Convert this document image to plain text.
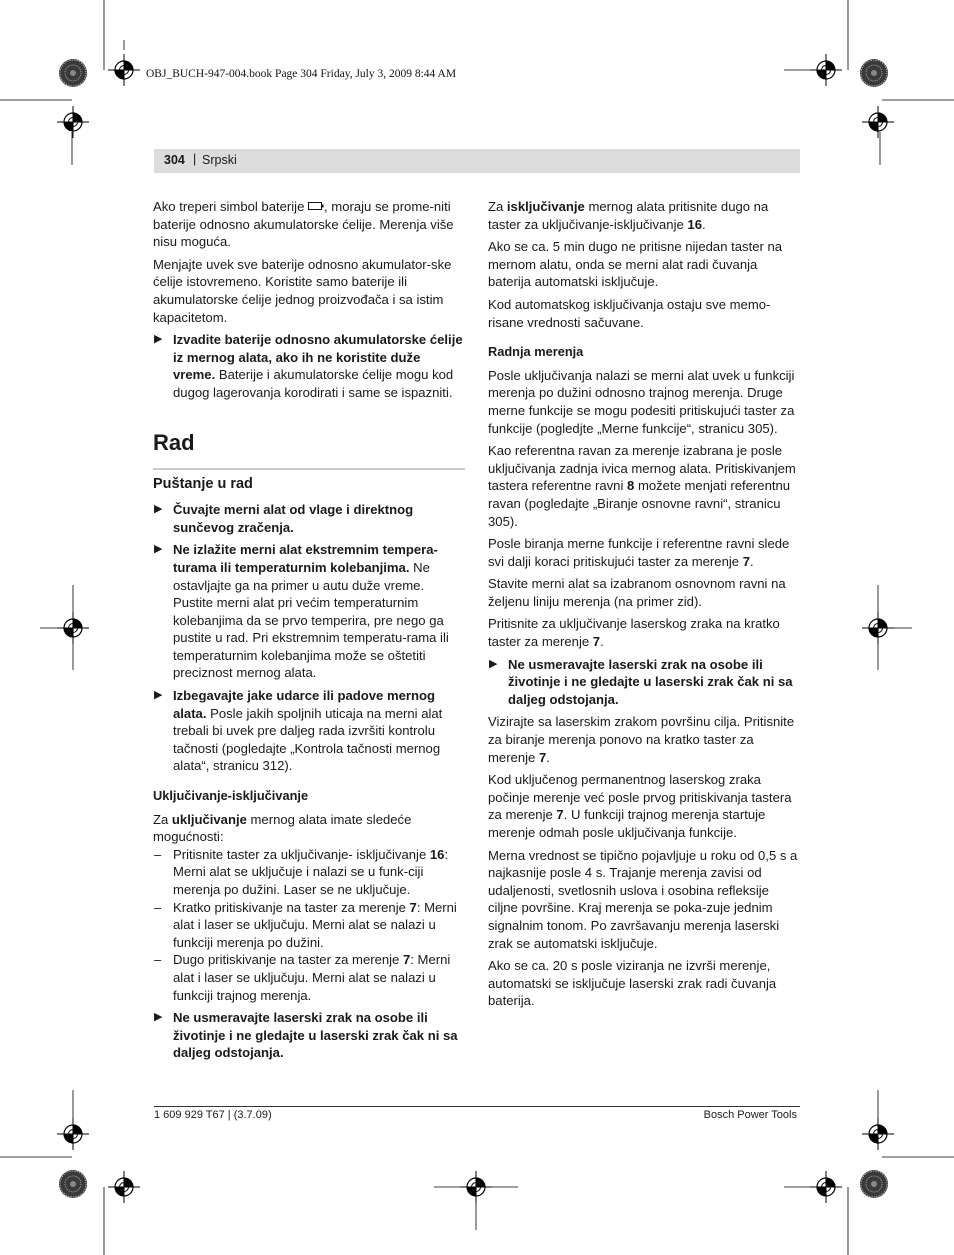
OBJ_BUCH-947-004.book Page 304 Friday, July 3, 2009 8:44 AM
304 | Srpski

Ako treperi simbol baterije , moraju se prome-niti baterije odnosno akumulatorske ćelije. Merenja više nisu moguća.

Menjajte uvek sve baterije odnosno akumulator-ske ćelije istovremeno. Koristite samo baterije ili akumulatorske ćelije jednog proizvođača i sa istim kapacitetom.

▶ Izvadite baterije odnosno akumulatorske ćelije iz mernog alata, ako ih ne koristite duže vreme. Baterije i akumulatorske ćelije mogu kod dugog lagerovanja korodirati i same se ispazniti.
Rad
Puštanje u rad
▶ Čuvajte merni alat od vlage i direktnog sunčevog zračenja.
▶ Ne izlažite merni alat ekstremnim tempera-turama ili temperaturnim kolebanjima. Ne ostavljajte ga na primer u autu duže vreme. Pustite merni alat pri većim temperaturnim kolebanjima da se prvo temperira, pre nego ga pustite u rad. Pri ekstremnim temperatu-rama ili temperaturnim kolebanjima može se oštetiti preciznost mernog alata.
▶ Izbegavajte jake udarce ili padove mernog alata. Posle jakih spoljnih uticaja na merni alat trebali bi uvek pre daljeg rada izvršiti kontrolu tačnosti (pogledajte „Kontrola tačnosti mernog alata“, stranicu 312).
Uključivanje-isključivanje

Za uključivanje mernog alata imate sledeće mogućnosti:

– Pritisnite taster za uključivanje- isključivanje 16: Merni alat se uključuje i nalazi se u funk-ciji merenja po dužini. Laser se ne uključuje.
– Kratko pritiskivanje na taster za merenje 7: Merni alat i laser se uključuju. Merni alat se nalazi u funkciji merenja po dužini.
– Dugo pritiskivanje na taster za merenje 7: Merni alat i laser se uključuju. Merni alat se nalazi u funkciji trajnog merenja.
▶ Ne usmeravajte laserski zrak na osobe ili životinje i ne gledajte u laserski zrak čak ni sa daljeg odstojanja.

Za isključivanje mernog alata pritisnite dugo na taster za uključivanje-isključivanje 16.

Ako se ca. 5 min dugo ne pritisne nijedan taster na mernom alatu, onda se merni alat radi čuvanja baterija automatski isključuje.

Kod automatskog isključivanja ostaju sve memo-risane vrednosti sačuvane.

Radnja merenja

Posle uključivanja nalazi se merni alat uvek u funkciji merenja po dužini odnosno trajnog merenja. Druge merne funkcije se mogu podesiti pritiskujući taster za funkcije (pogledjte „Merne funkcije“, stranicu 305).

Kao referentna ravan za merenje izabrana je posle uključivanja zadnja ivica mernog alata. Pritiskivanjem tastera referentne ravni 8 možete menjati referentnu ravan (pogledajte „Biranje osnovne ravni“, stranicu 305).

Posle biranja merne funkcije i referentne ravni slede svi dalji koraci pritiskujući taster za merenje 7.

Stavite merni alat sa izabranom osnovnom ravni na željenu liniju merenja (na primer zid).

Pritisnite za uključivanje laserskog zraka na kratko taster za merenje 7.

▶ Ne usmeravajte laserski zrak na osobe ili životinje i ne gledajte u laserski zrak čak ni sa daljeg odstojanja.

Vizirajte sa laserskim zrakom površinu cilja. Pritisnite za biranje merenja ponovo na kratko taster za merenje 7.

Kod uključenog permanentnog laserskog zraka počinje merenje već posle prvog pritiskivanja tastera za merenje 7. U funkciji trajnog merenja startuje merenje odmah posle uključivanja funkcije.

Merna vrednost se tipično pojavljuje u roku od 0,5 s a najkasnije posle 4 s. Trajanje merenja zavisi od udaljenosti, svetlosnih uslova i osobina refleksije ciljne površine. Kraj merenja se poka-zuje jednim signalnim tonom. Po završavanju merenja laserski zrak se automatski isključuje.

Ako se ca. 20 s posle viziranja ne izvrši merenje, automatski se isključuje laserski zrak radi čuvanja baterija.

1 609 929 T67 | (3.7.09)	Bosch Power Tools
